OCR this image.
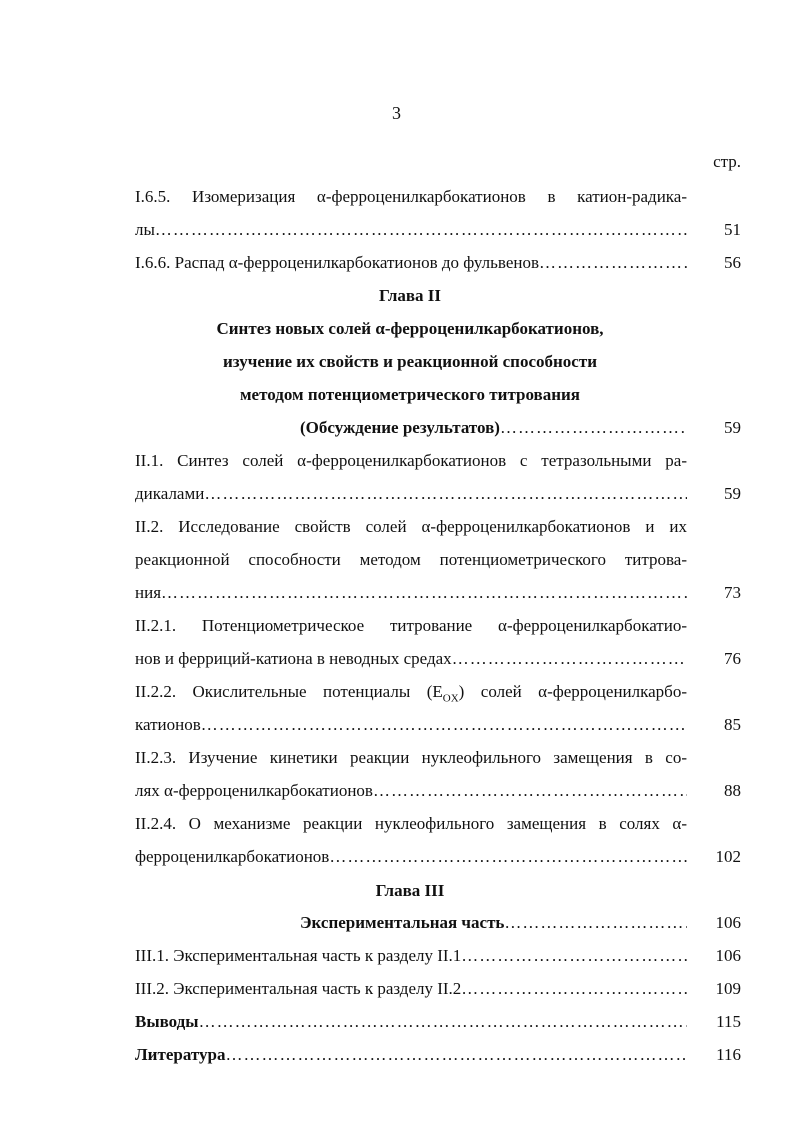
3
стр.
I.6.5. Изомеризация α-ферроценилкарбокатионов в катион-радика-
лы ……………………………………………………………………………………………………………………………………………………………………	51
I.6.6. Распад α-ферроценилкарбокатионов до фульвенов ……………………………………………………………………………………………………………………………………………………………………	56
Глава II
Синтез новых солей α-ферроценилкарбокатионов,
изучение их свойств и реакционной способности
методом потенциометрического титрования
(Обсуждение результатов) ……………………………………………………………………………………………………………………………………………………………………	59
II.1. Синтез солей α-ферроценилкарбокатионов с тетразольными ра-
дикалами ……………………………………………………………………………………………………………………………………………………………………	59
II.2. Исследование свойств солей α-ферроценилкарбокатионов и их
реакционной способности методом потенциометрического титрова-
ния ……………………………………………………………………………………………………………………………………………………………………	73
II.2.1. Потенциометрическое титрование α-ферроценилкарбокатио-
нов и ферриций-катиона в неводных средах ……………………………………………………………………………………………………………………………………………………………………	76
II.2.2. Окислительные потенциалы $(E_{OX})$ солей α-ферроценилкарбо-
катионов ……………………………………………………………………………………………………………………………………………………………………	85
II.2.3. Изучение кинетики реакции нуклеофильного замещения в со-
лях α-ферроценилкарбокатионов ……………………………………………………………………………………………………………………………………………………………………	88
II.2.4. О механизме реакции нуклеофильного замещения в солях α-
ферроценилкарбокатионов ……………………………………………………………………………………………………………………………………………………………………	102
Глава III
Экспериментальная часть ……………………………………………………………………………………………………………………………………………………………………	106
III.1. Экспериментальная часть к разделу II.1 ……………………………………………………………………………………………………………………………………………………………………	106
III.2. Экспериментальная часть к разделу II.2 ……………………………………………………………………………………………………………………………………………………………………	109
Выводы ……………………………………………………………………………………………………………………………………………………………………	115
Литература ……………………………………………………………………………………………………………………………………………………………………	116
